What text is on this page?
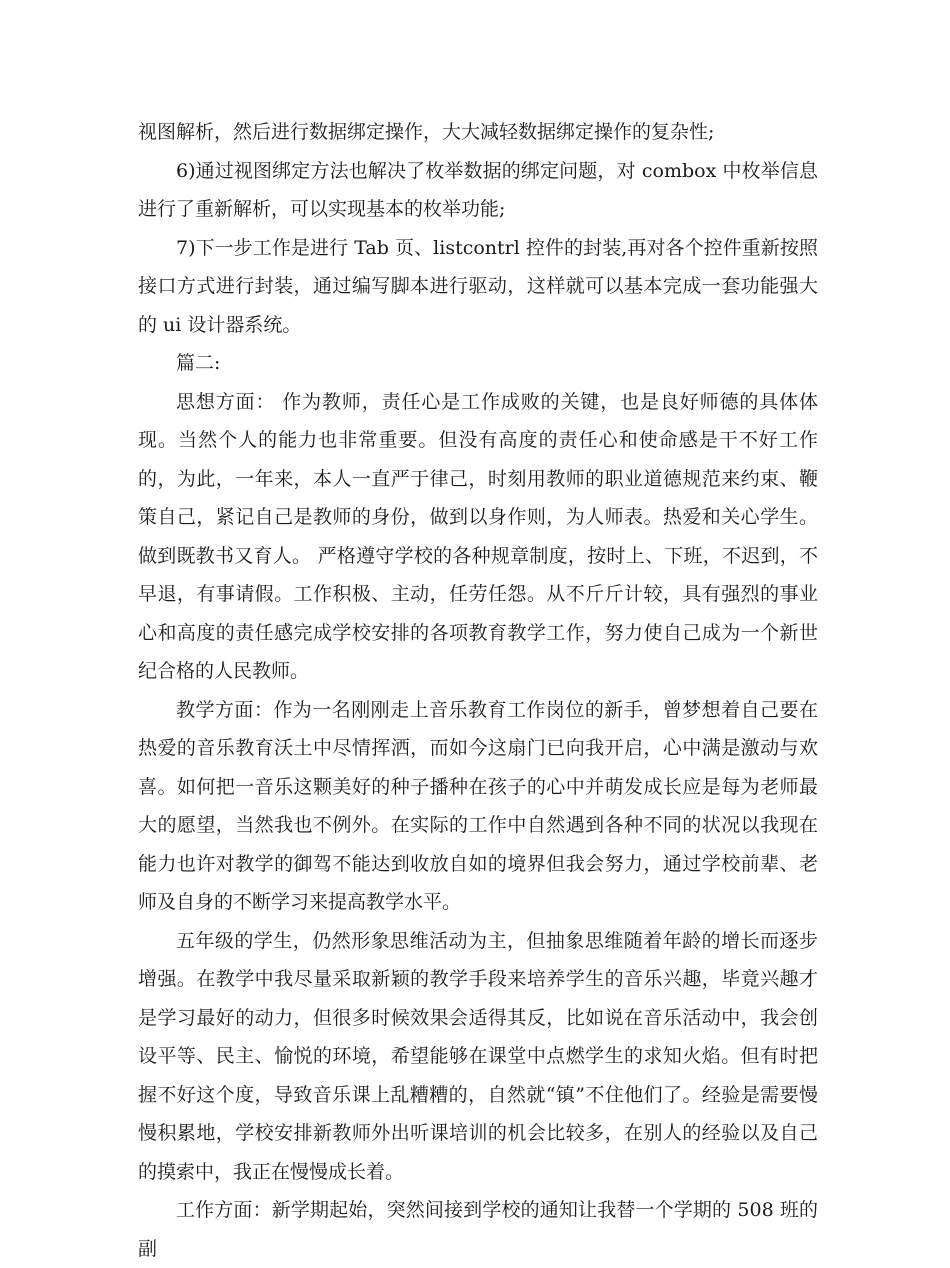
视图解析，然后进行数据绑定操作，大大减轻数据绑定操作的复杂性;

6)通过视图绑定方法也解决了枚举数据的绑定问题，对 combox 中枚举信息进行了重新解析，可以实现基本的枚举功能;

7)下一步工作是进行 Tab 页、listcontrl 控件的封装,再对各个控件重新按照接口方式进行封装，通过编写脚本进行驱动，这样就可以基本完成一套功能强大的 ui 设计器系统。

篇二:

思想方面： 作为教师，责任心是工作成败的关键，也是良好师德的具体体现。当然个人的能力也非常重要。但没有高度的责任心和使命感是干不好工作的，为此，一年来，本人一直严于律己，时刻用教师的职业道德规范来约束、鞭策自己，紧记自己是教师的身份，做到以身作则，为人师表。热爱和关心学生。做到既教书又育人。 严格遵守学校的各种规章制度，按时上、下班，不迟到，不早退，有事请假。工作积极、主动，任劳任怨。从不斤斤计较，具有强烈的事业心和高度的责任感完成学校安排的各项教育教学工作，努力使自己成为一个新世纪合格的人民教师。

教学方面：作为一名刚刚走上音乐教育工作岗位的新手，曾梦想着自己要在热爱的音乐教育沃土中尽情挥洒，而如今这扇门已向我开启，心中满是激动与欢喜。如何把一音乐这颗美好的种子播种在孩子的心中并萌发成长应是每为老师最大的愿望，当然我也不例外。在实际的工作中自然遇到各种不同的状况以我现在能力也许对教学的御驾不能达到收放自如的境界但我会努力，通过学校前辈、老师及自身的不断学习来提高教学水平。

五年级的学生，仍然形象思维活动为主，但抽象思维随着年龄的增长而逐步增强。在教学中我尽量采取新颖的教学手段来培养学生的音乐兴趣，毕竟兴趣才是学习最好的动力，但很多时候效果会适得其反，比如说在音乐活动中，我会创设平等、民主、愉悦的环境，希望能够在课堂中点燃学生的求知火焰。但有时把握不好这个度，导致音乐课上乱糟糟的，自然就“镇”不住他们了。经验是需要慢慢积累地，学校安排新教师外出听课培训的机会比较多，在别人的经验以及自己的摸索中，我正在慢慢成长着。

工作方面：新学期起始，突然间接到学校的通知让我替一个学期的 508 班的副
